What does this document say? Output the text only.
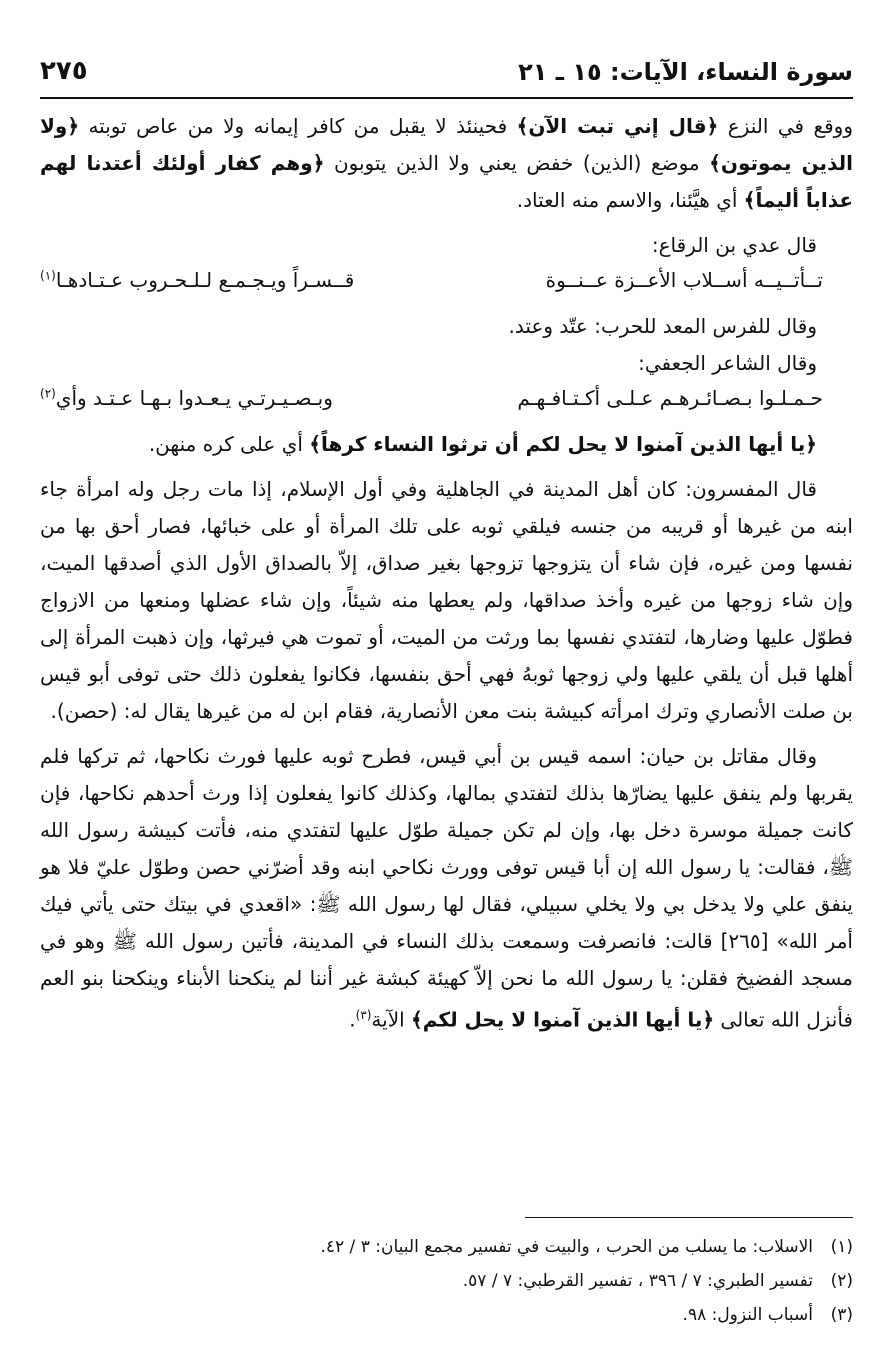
سورة النساء، الآيات: ١٥ ـ ٢١
٢٧٥

ووقع في النزع ﴿قال إني تبت الآن﴾ فحينئذ لا يقبل من كافر إيمانه ولا من عاص توبته ﴿ولا الذين يموتون﴾ موضع (الذين) خفض يعني ولا الذين يتوبون ﴿وهم كفار أولئك أعتدنا لهم عذاباً أليماً﴾ أي هيَّئنا، والاسم منه العتاد.

قال عدي بن الرقاع:

تــأتــيــه أســلاب الأعــزة عــنــوة
قــسـراً ويـجـمـع لـلـحـروب عـتـادهـا$^{(١)}$

وقال للفرس المعد للحرب: عتّد وعتد.

وقال الشاعر الجعفي:

حـمـلـوا بـصـائـرهـم عـلـى أكـتـافـهـم
وبـصـيـرتـي يـعـدوا بـهـا عـتـد وأي$^{(٢)}$

﴿يا أيها الذين آمنوا لا يحل لكم أن ترثوا النساء كرهاً﴾ أي على كره منهن.

قال المفسرون: كان أهل المدينة في الجاهلية وفي أول الإسلام، إذا مات رجل وله امرأة جاء ابنه من غيرها أو قريبه من جنسه فيلقي ثوبه على تلك المرأة أو على خبائها، فصار أحق بها من نفسها ومن غيره، فإن شاء أن يتزوجها تزوجها بغير صداق، إلاّ بالصداق الأول الذي أصدقها الميت، وإن شاء زوجها من غيره وأخذ صداقها، ولم يعطها منه شيئاً، وإن شاء عضلها ومنعها من الازواج فطوّل عليها وضارها، لتفتدي نفسها بما ورثت من الميت، أو تموت هي فيرثها، وإن ذهبت المرأة إلى أهلها قبل أن يلقي عليها ولي زوجها ثوبهُ فهي أحق بنفسها، فكانوا يفعلون ذلك حتى توفى أبو قيس بن صلت الأنصاري وترك امرأته كبيشة بنت معن الأنصارية، فقام ابن له من غيرها يقال له: (حصن).

وقال مقاتل بن حيان: اسمه قيس بن أبي قيس، فطرح ثوبه عليها فورث نكاحها، ثم تركها فلم يقربها ولم ينفق عليها يضارّها بذلك لتفتدي بمالها، وكذلك كانوا يفعلون إذا ورث أحدهم نكاحها، فإن كانت جميلة موسرة دخل بها، وإن لم تكن جميلة طوّل عليها لتفتدي منه، فأتت كبيشة رسول الله ﷺ، فقالت: يا رسول الله إن أبا قيس توفى وورث نكاحي ابنه وقد أضرّني حصن وطوّل عليّ فلا هو ينفق علي ولا يدخل بي ولا يخلي سبيلي، فقال لها رسول الله ﷺ: «اقعدي في بيتك حتى يأتي فيك أمر الله» [٢٦٥] قالت: فانصرفت وسمعت بذلك النساء في المدينة، فأتين رسول الله ﷺ وهو في مسجد الفضيخ فقلن: يا رسول الله ما نحن إلاّ كهيئة كبشة غير أننا لم ينكحنا الأبناء وينكحنا بنو العم فأنزل الله تعالى ﴿يا أيها الذين آمنوا لا يحل لكم﴾ الآية$^{(٣)}$.

(١)الاسلاب: ما يسلب من الحرب ، والبيت في تفسير مجمع البيان: ٣ / ٤٢.
(٢)تفسير الطبري: ٧ / ٣٩٦ ، تفسير القرطبي: ٧ / ٥٧.
(٣)أسباب النزول: ٩٨.
